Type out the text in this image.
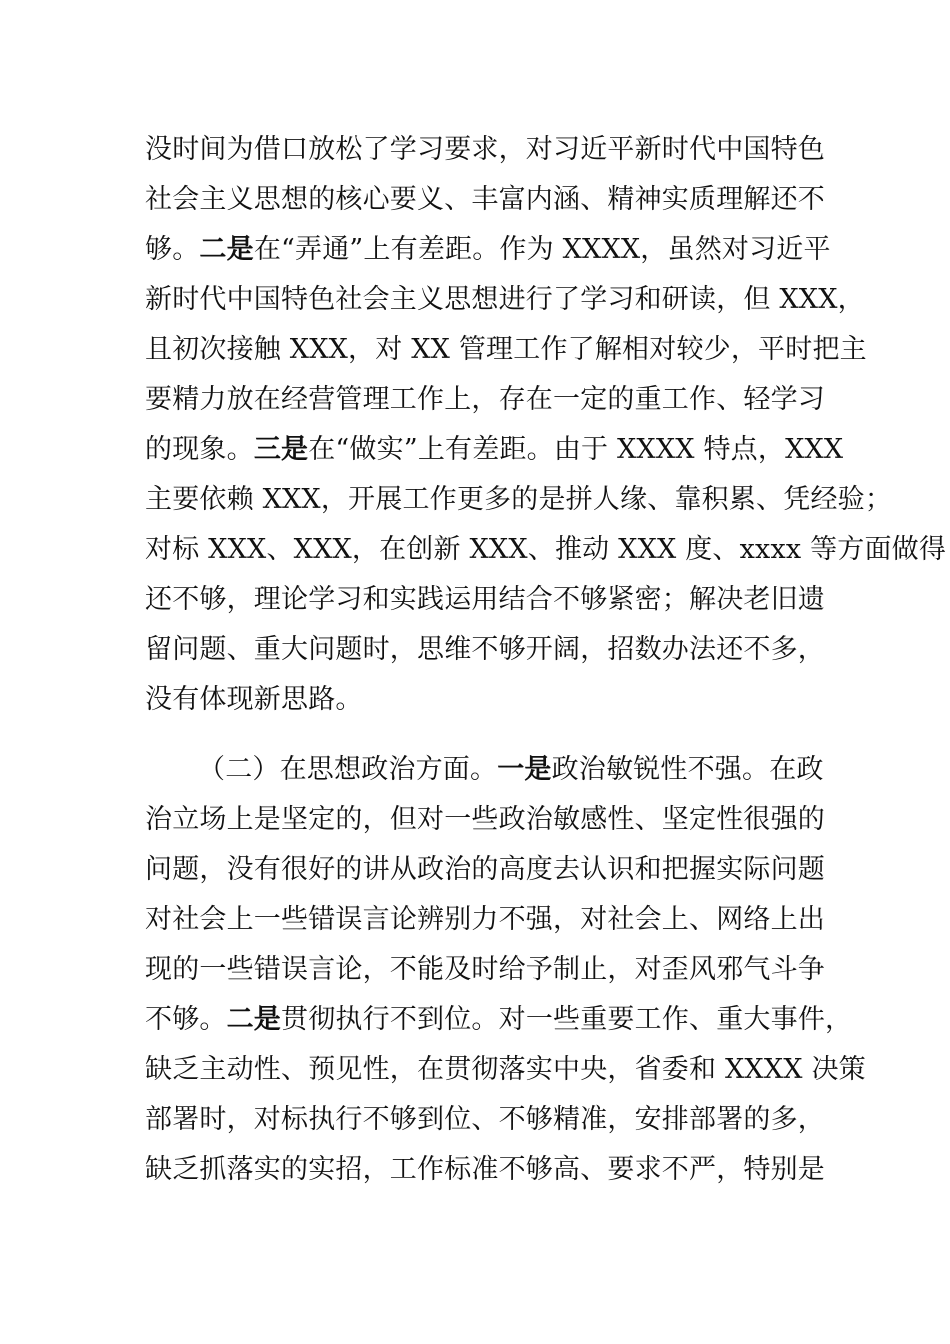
没时间为借口放松了学习要求，对习近平新时代中国特色
社会主义思想的核心要义、丰富内涵、精神实质理解还不
够。二是在“弄通”上有差距。作为 XXXX，虽然对习近平
新时代中国特色社会主义思想进行了学习和研读，但 XXX，
且初次接触 XXX，对 XX 管理工作了解相对较少，平时把主
要精力放在经营管理工作上，存在一定的重工作、轻学习
的现象。三是在“做实”上有差距。由于 XXXX 特点，XXX
主要依赖 XXX，开展工作更多的是拼人缘、靠积累、凭经验；
对标 XXX、XXX，在创新 XXX、推动 XXX 度、xxxx 等方面做得
还不够，理论学习和实践运用结合不够紧密；解决老旧遗
留问题、重大问题时，思维不够开阔，招数办法还不多，
没有体现新思路。
（二）在思想政治方面。一是政治敏锐性不强。在政
治立场上是坚定的，但对一些政治敏感性、坚定性很强的
问题，没有很好的讲从政治的高度去认识和把握实际问题
对社会上一些错误言论辨别力不强，对社会上、网络上出
现的一些错误言论，不能及时给予制止，对歪风邪气斗争
不够。二是贯彻执行不到位。对一些重要工作、重大事件，
缺乏主动性、预见性，在贯彻落实中央，省委和 XXXX 决策
部署时，对标执行不够到位、不够精准，安排部署的多，
缺乏抓落实的实招，工作标准不够高、要求不严，特别是
